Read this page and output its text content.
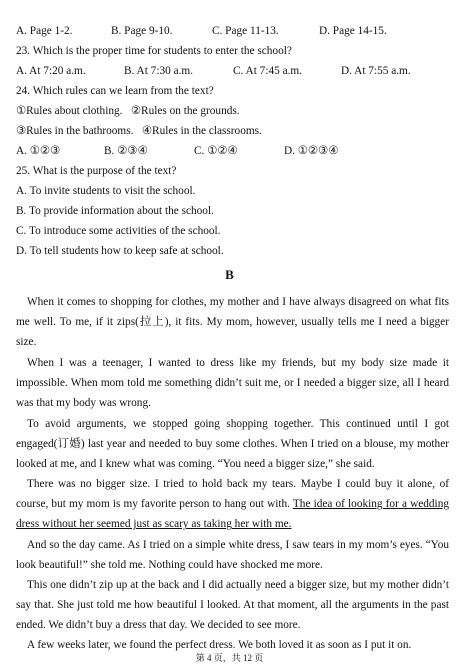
A. Page 1-2.	B. Page 9-10.	C. Page 11-13.	D. Page 14-15.
23. Which is the proper time for students to enter the school?
A. At 7:20 a.m.	B. At 7:30 a.m.	C. At 7:45 a.m.	D. At 7:55 a.m.
24. Which rules can we learn from the text?
①Rules about clothing.   ②Rules on the grounds.
③Rules in the bathrooms.   ④Rules in the classrooms.
A. ①②③	B. ②③④	C. ①②④	D. ①②③④
25. What is the purpose of the text?
A. To invite students to visit the school.
B. To provide information about the school.
C. To introduce some activities of the school.
D. To tell students how to keep safe at school.
B

When it comes to shopping for clothes, my mother and I have always disagreed on what fits me well. To me, if it zips(拉上), it fits. My mom, however, usually tells me I need a bigger size.

When I was a teenager, I wanted to dress like my friends, but my body size made it impossible. When mom told me something didn’t suit me, or I needed a bigger size, all I heard was that my body was wrong.

To avoid arguments, we stopped going shopping together. This continued until I got engaged(订婚) last year and needed to buy some clothes. When I tried on a blouse, my mother looked at me, and I knew what was coming. “You need a bigger size,” she said.

There was no bigger size. I tried to hold back my tears. Maybe I could buy it alone, of course, but my mom is my favorite person to hang out with. The idea of looking for a wedding dress without her seemed just as scary as taking her with me.

And so the day came. As I tried on a simple white dress, I saw tears in my mom’s eyes. “You look beautiful!” she told me. Nothing could have shocked me more.

This one didn’t zip up at the back and I did actually need a bigger size, but my mother didn’t say that. She just told me how beautiful I looked. At that moment, all the arguments in the past ended. We didn’t buy a dress that day. We decided to see more.

A few weeks later, we found the perfect dress. We both loved it as soon as I put it on.

第 4 页，共 12 页
